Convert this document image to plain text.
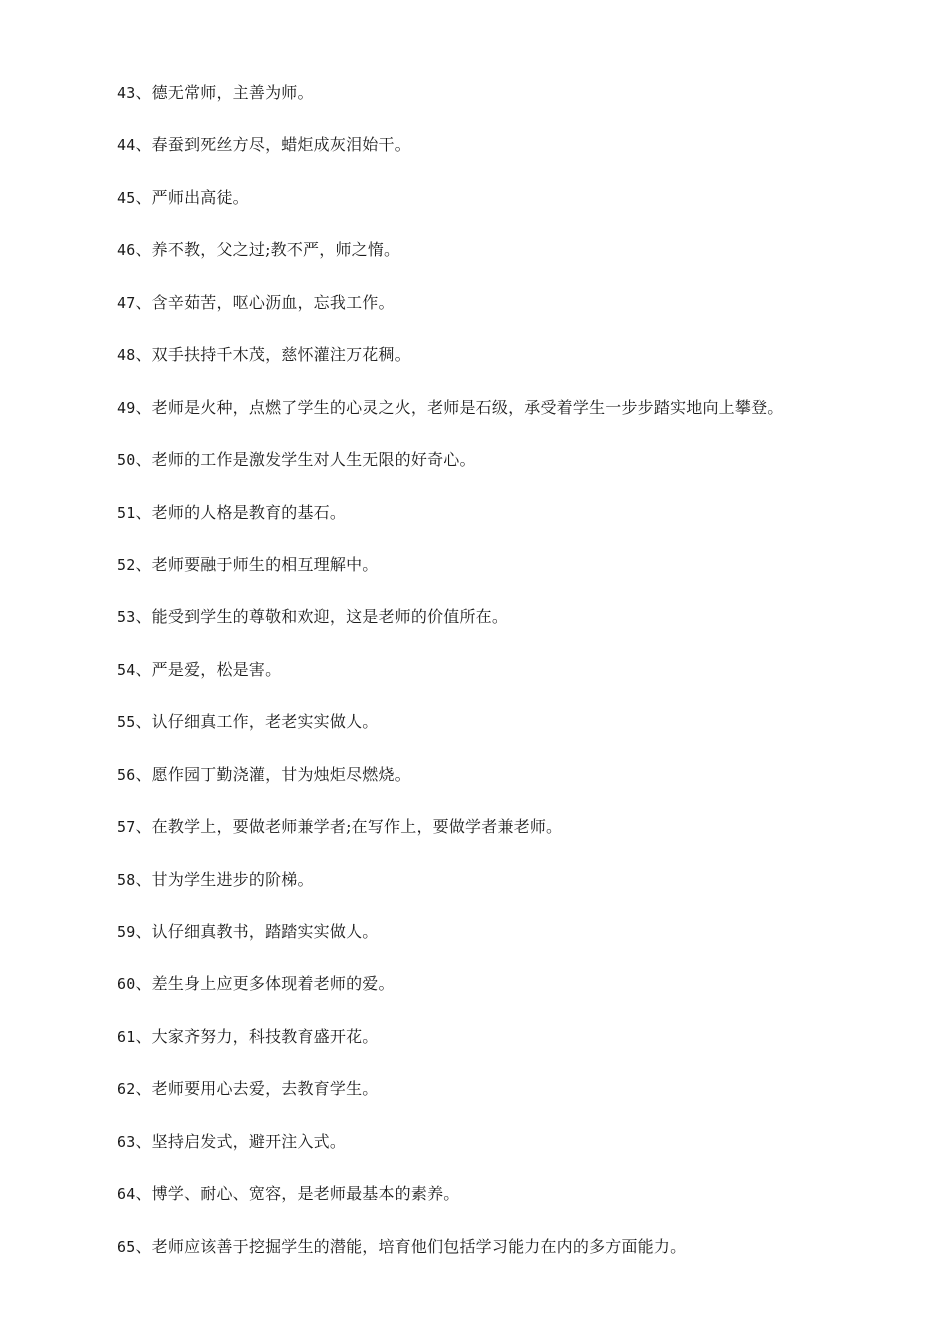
43、德无常师，主善为师。
44、春蚕到死丝方尽，蜡炬成灰泪始干。
45、严师出高徒。
46、养不教，父之过;教不严，师之惰。
47、含辛茹苦，呕心沥血，忘我工作。
48、双手扶持千木茂，慈怀灌注万花稠。
49、老师是火种，点燃了学生的心灵之火，老师是石级，承受着学生一步步踏实地向上攀登。
50、老师的工作是激发学生对人生无限的好奇心。
51、老师的人格是教育的基石。
52、老师要融于师生的相互理解中。
53、能受到学生的尊敬和欢迎，这是老师的价值所在。
54、严是爱，松是害。
55、认仔细真工作，老老实实做人。
56、愿作园丁勤浇灌，甘为烛炬尽燃烧。
57、在教学上，要做老师兼学者;在写作上，要做学者兼老师。
58、甘为学生进步的阶梯。
59、认仔细真教书，踏踏实实做人。
60、差生身上应更多体现着老师的爱。
61、大家齐努力，科技教育盛开花。
62、老师要用心去爱，去教育学生。
63、坚持启发式，避开注入式。
64、博学、耐心、宽容，是老师最基本的素养。
65、老师应该善于挖掘学生的潜能，培育他们包括学习能力在内的多方面能力。
